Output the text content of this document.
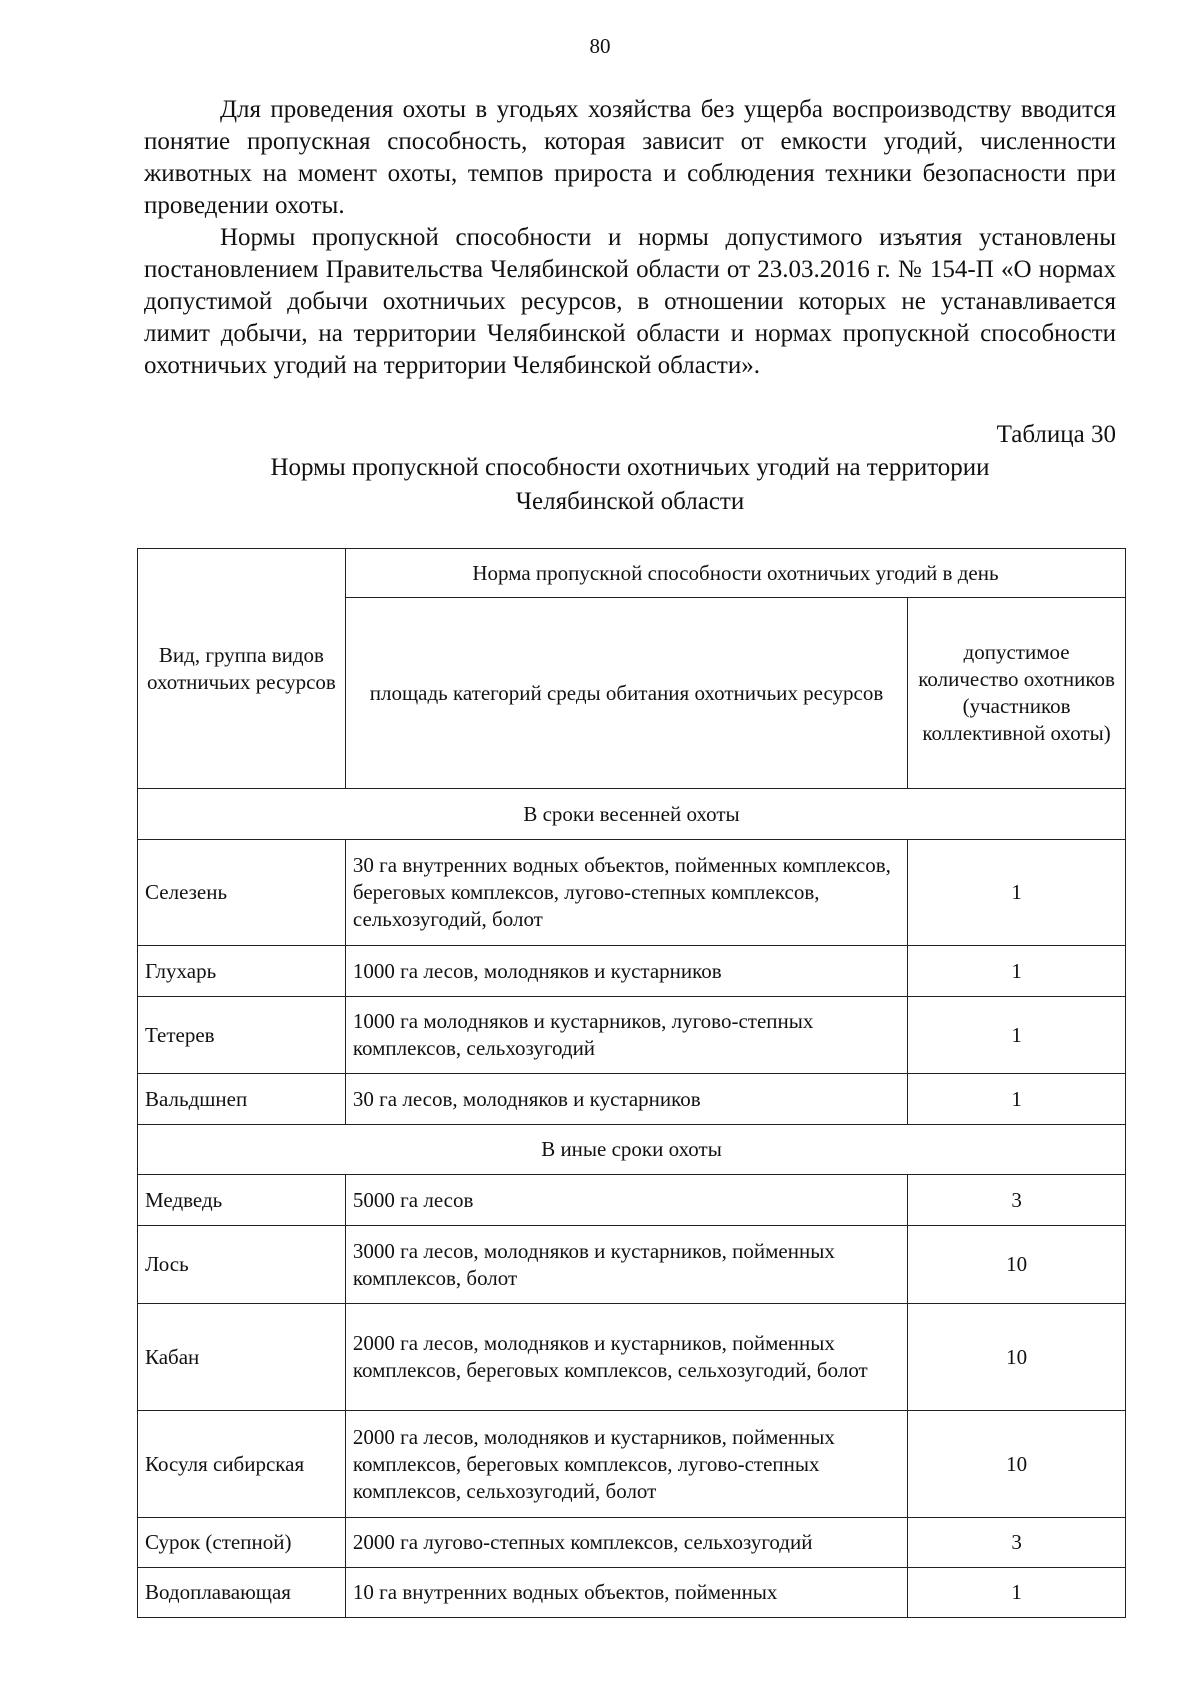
80

Для проведения охоты в угодьях хозяйства без ущерба воспроизводству вводится понятие пропускная способность, которая зависит от емкости угодий, численности животных на момент охоты, темпов прироста и соблюдения техники безопасности при проведении охоты.

Нормы пропускной способности и нормы допустимого изъятия установлены постановлением Правительства Челябинской области от 23.03.2016 г. № 154-П «О нормах допустимой добычи охотничьих ресурсов, в отношении которых не устанавливается лимит добычи, на территории Челябинской области и нормах пропускной способности охотничьих угодий на территории Челябинской области».

Таблица 30
Нормы пропускной способности охотничьих угодий на территории
Челябинской области
Вид, группа видов охотничьих ресурсов	Норма пропускной способности охотничьих угодий в день	
	площадь категорий среды обитания охотничьих ресурсов	допустимое количество охотников (участников коллективной охоты)
В сроки весенней охоты		
Селезень	30 га внутренних водных объектов, пойменных комплексов, береговых комплексов, лугово-степных комплексов, сельхозугодий, болот	1
Глухарь	1000 га лесов, молодняков и кустарников	1
Тетерев	1000 га молодняков и кустарников, лугово-степных комплексов, сельхозугодий	1
Вальдшнеп	30 га лесов, молодняков и кустарников	1
В иные сроки охоты		
Медведь	5000 га лесов	3
Лось	3000 га лесов, молодняков и кустарников, пойменных комплексов, болот	10
Кабан	2000 га лесов, молодняков и кустарников, пойменных комплексов, береговых комплексов, сельхозугодий, болот	10
Косуля сибирская	2000 га лесов, молодняков и кустарников, пойменных комплексов, береговых комплексов, лугово-степных комплексов, сельхозугодий, болот	10
Сурок (степной)	2000 га лугово-степных комплексов, сельхозугодий	3
Водоплавающая	10 га внутренних водных объектов, пойменных	1
